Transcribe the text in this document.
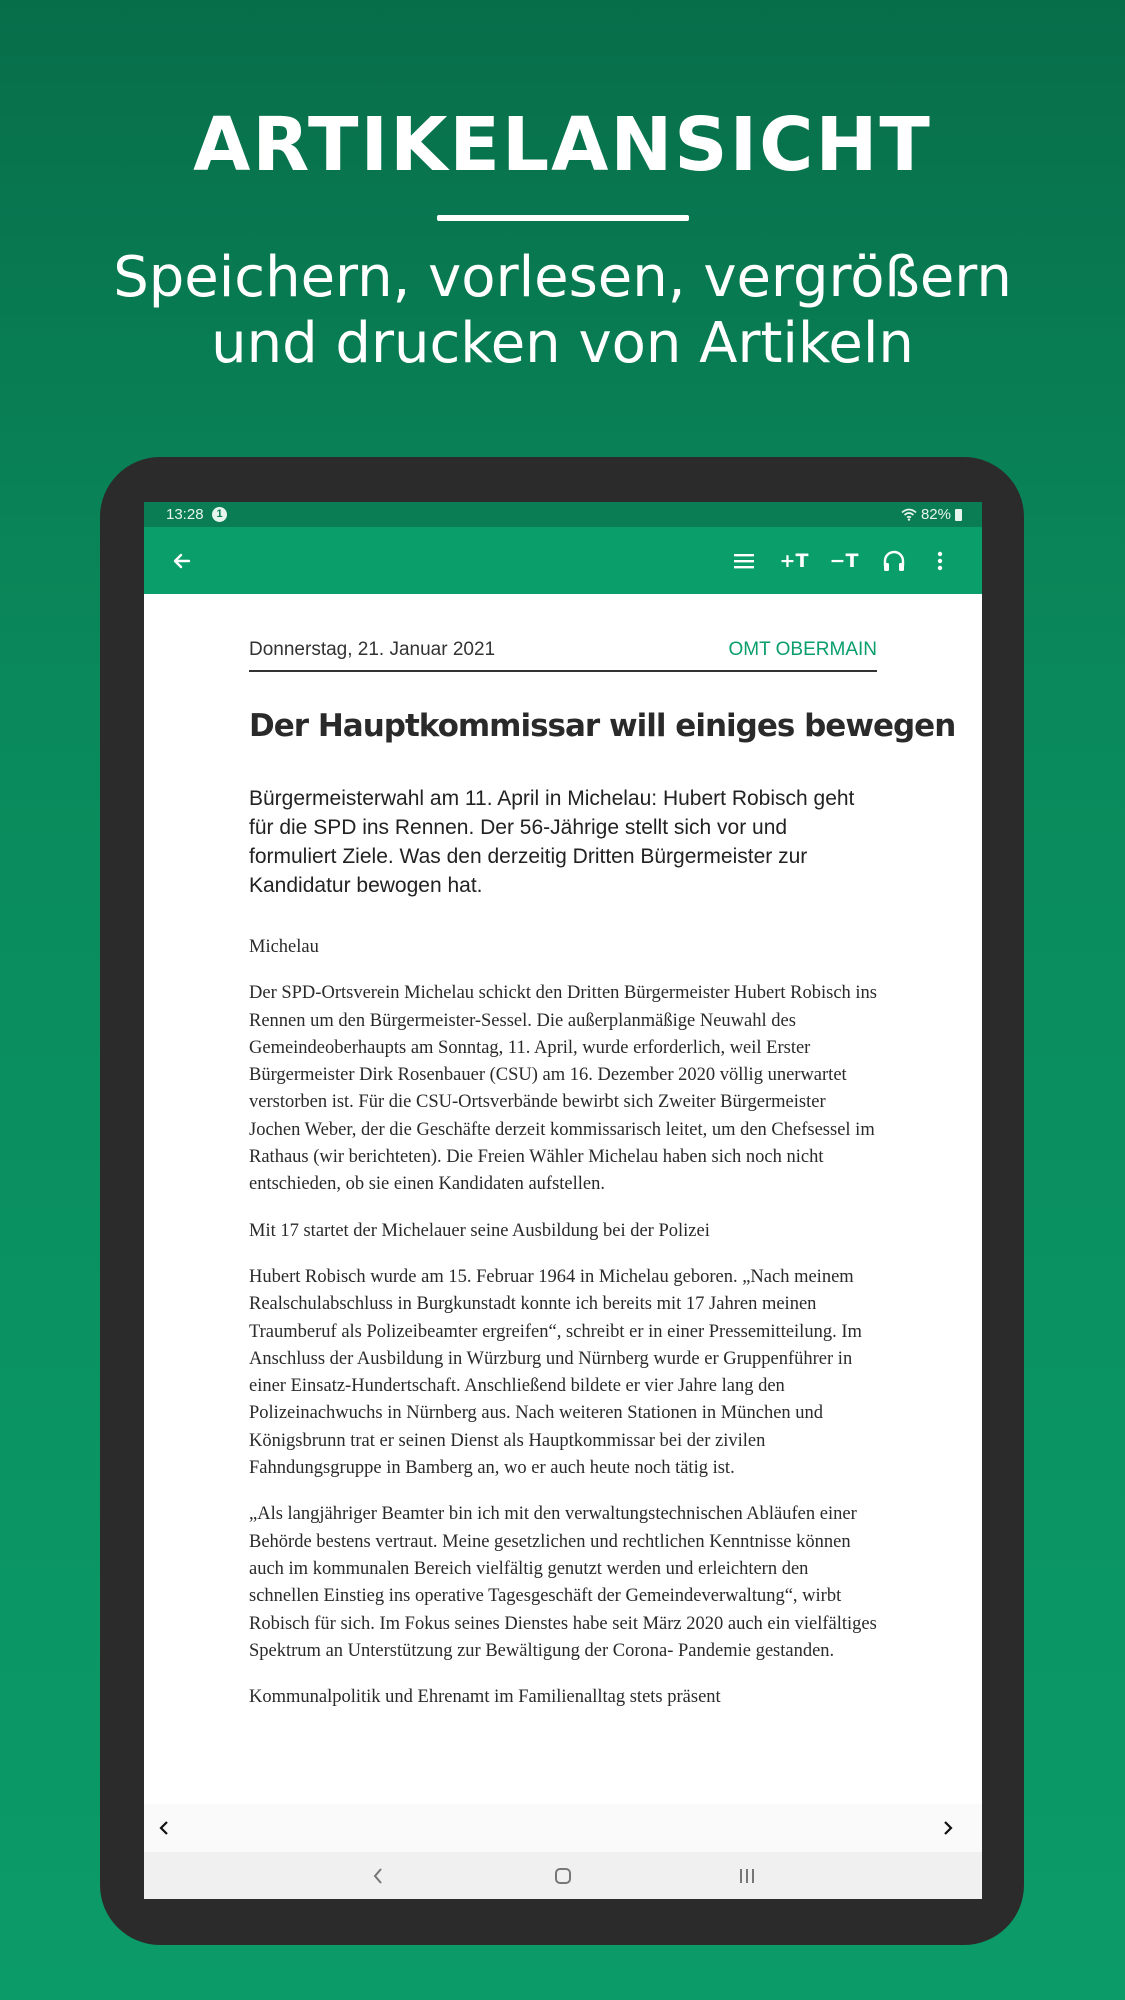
ARTIKELANSICHT
Speichern, vorlesen, vergrößern
und drucken von Artikeln
13:28	1	82%
+T	−T
Donnerstag, 21. Januar 2021	OMT OBERMAIN
Der Hauptkommissar will einiges bewegen
Bürgermeisterwahl am 11. April in Michelau: Hubert Robisch geht für die SPD ins Rennen. Der 56-Jährige stellt sich vor und formuliert Ziele. Was den derzeitig Dritten Bürgermeister zur Kandidatur bewogen hat.

Michelau

Der SPD-Ortsverein Michelau schickt den Dritten Bürgermeister Hubert Robisch ins Rennen um den Bürgermeister-Sessel. Die außerplanmäßige Neuwahl des Gemeindeoberhaupts am Sonntag, 11. April, wurde erforderlich, weil Erster Bürgermeister Dirk Rosenbauer (CSU) am 16. Dezember 2020 völlig unerwartet verstorben ist. Für die CSU-Ortsverbände bewirbt sich Zweiter Bürgermeister Jochen Weber, der die Geschäfte derzeit kommissarisch leitet, um den Chefsessel im Rathaus (wir berichteten). Die Freien Wähler Michelau haben sich noch nicht entschieden, ob sie einen Kandidaten aufstellen.

Mit 17 startet der Michelauer seine Ausbildung bei der Polizei

Hubert Robisch wurde am 15. Februar 1964 in Michelau geboren. „Nach meinem Realschulabschluss in Burgkunstadt konnte ich bereits mit 17 Jahren meinen Traumberuf als Polizeibeamter ergreifen“, schreibt er in einer Pressemitteilung. Im Anschluss der Ausbildung in Würzburg und Nürnberg wurde er Gruppenführer in einer Einsatz-Hundertschaft. Anschließend bildete er vier Jahre lang den Polizeinachwuchs in Nürnberg aus. Nach weiteren Stationen in München und Königsbrunn trat er seinen Dienst als Hauptkommissar bei der zivilen Fahndungsgruppe in Bamberg an, wo er auch heute noch tätig ist.

„Als langjähriger Beamter bin ich mit den verwaltungstechnischen Abläufen einer Behörde bestens vertraut. Meine gesetzlichen und rechtlichen Kenntnisse können auch im kommunalen Bereich vielfältig genutzt werden und erleichtern den schnellen Einstieg ins operative Tagesgeschäft der Gemeindeverwaltung“, wirbt Robisch für sich. Im Fokus seines Dienstes habe seit März 2020 auch ein vielfältiges Spektrum an Unterstützung zur Bewältigung der Corona- Pandemie gestanden.

Kommunalpolitik und Ehrenamt im Familienalltag stets präsent
